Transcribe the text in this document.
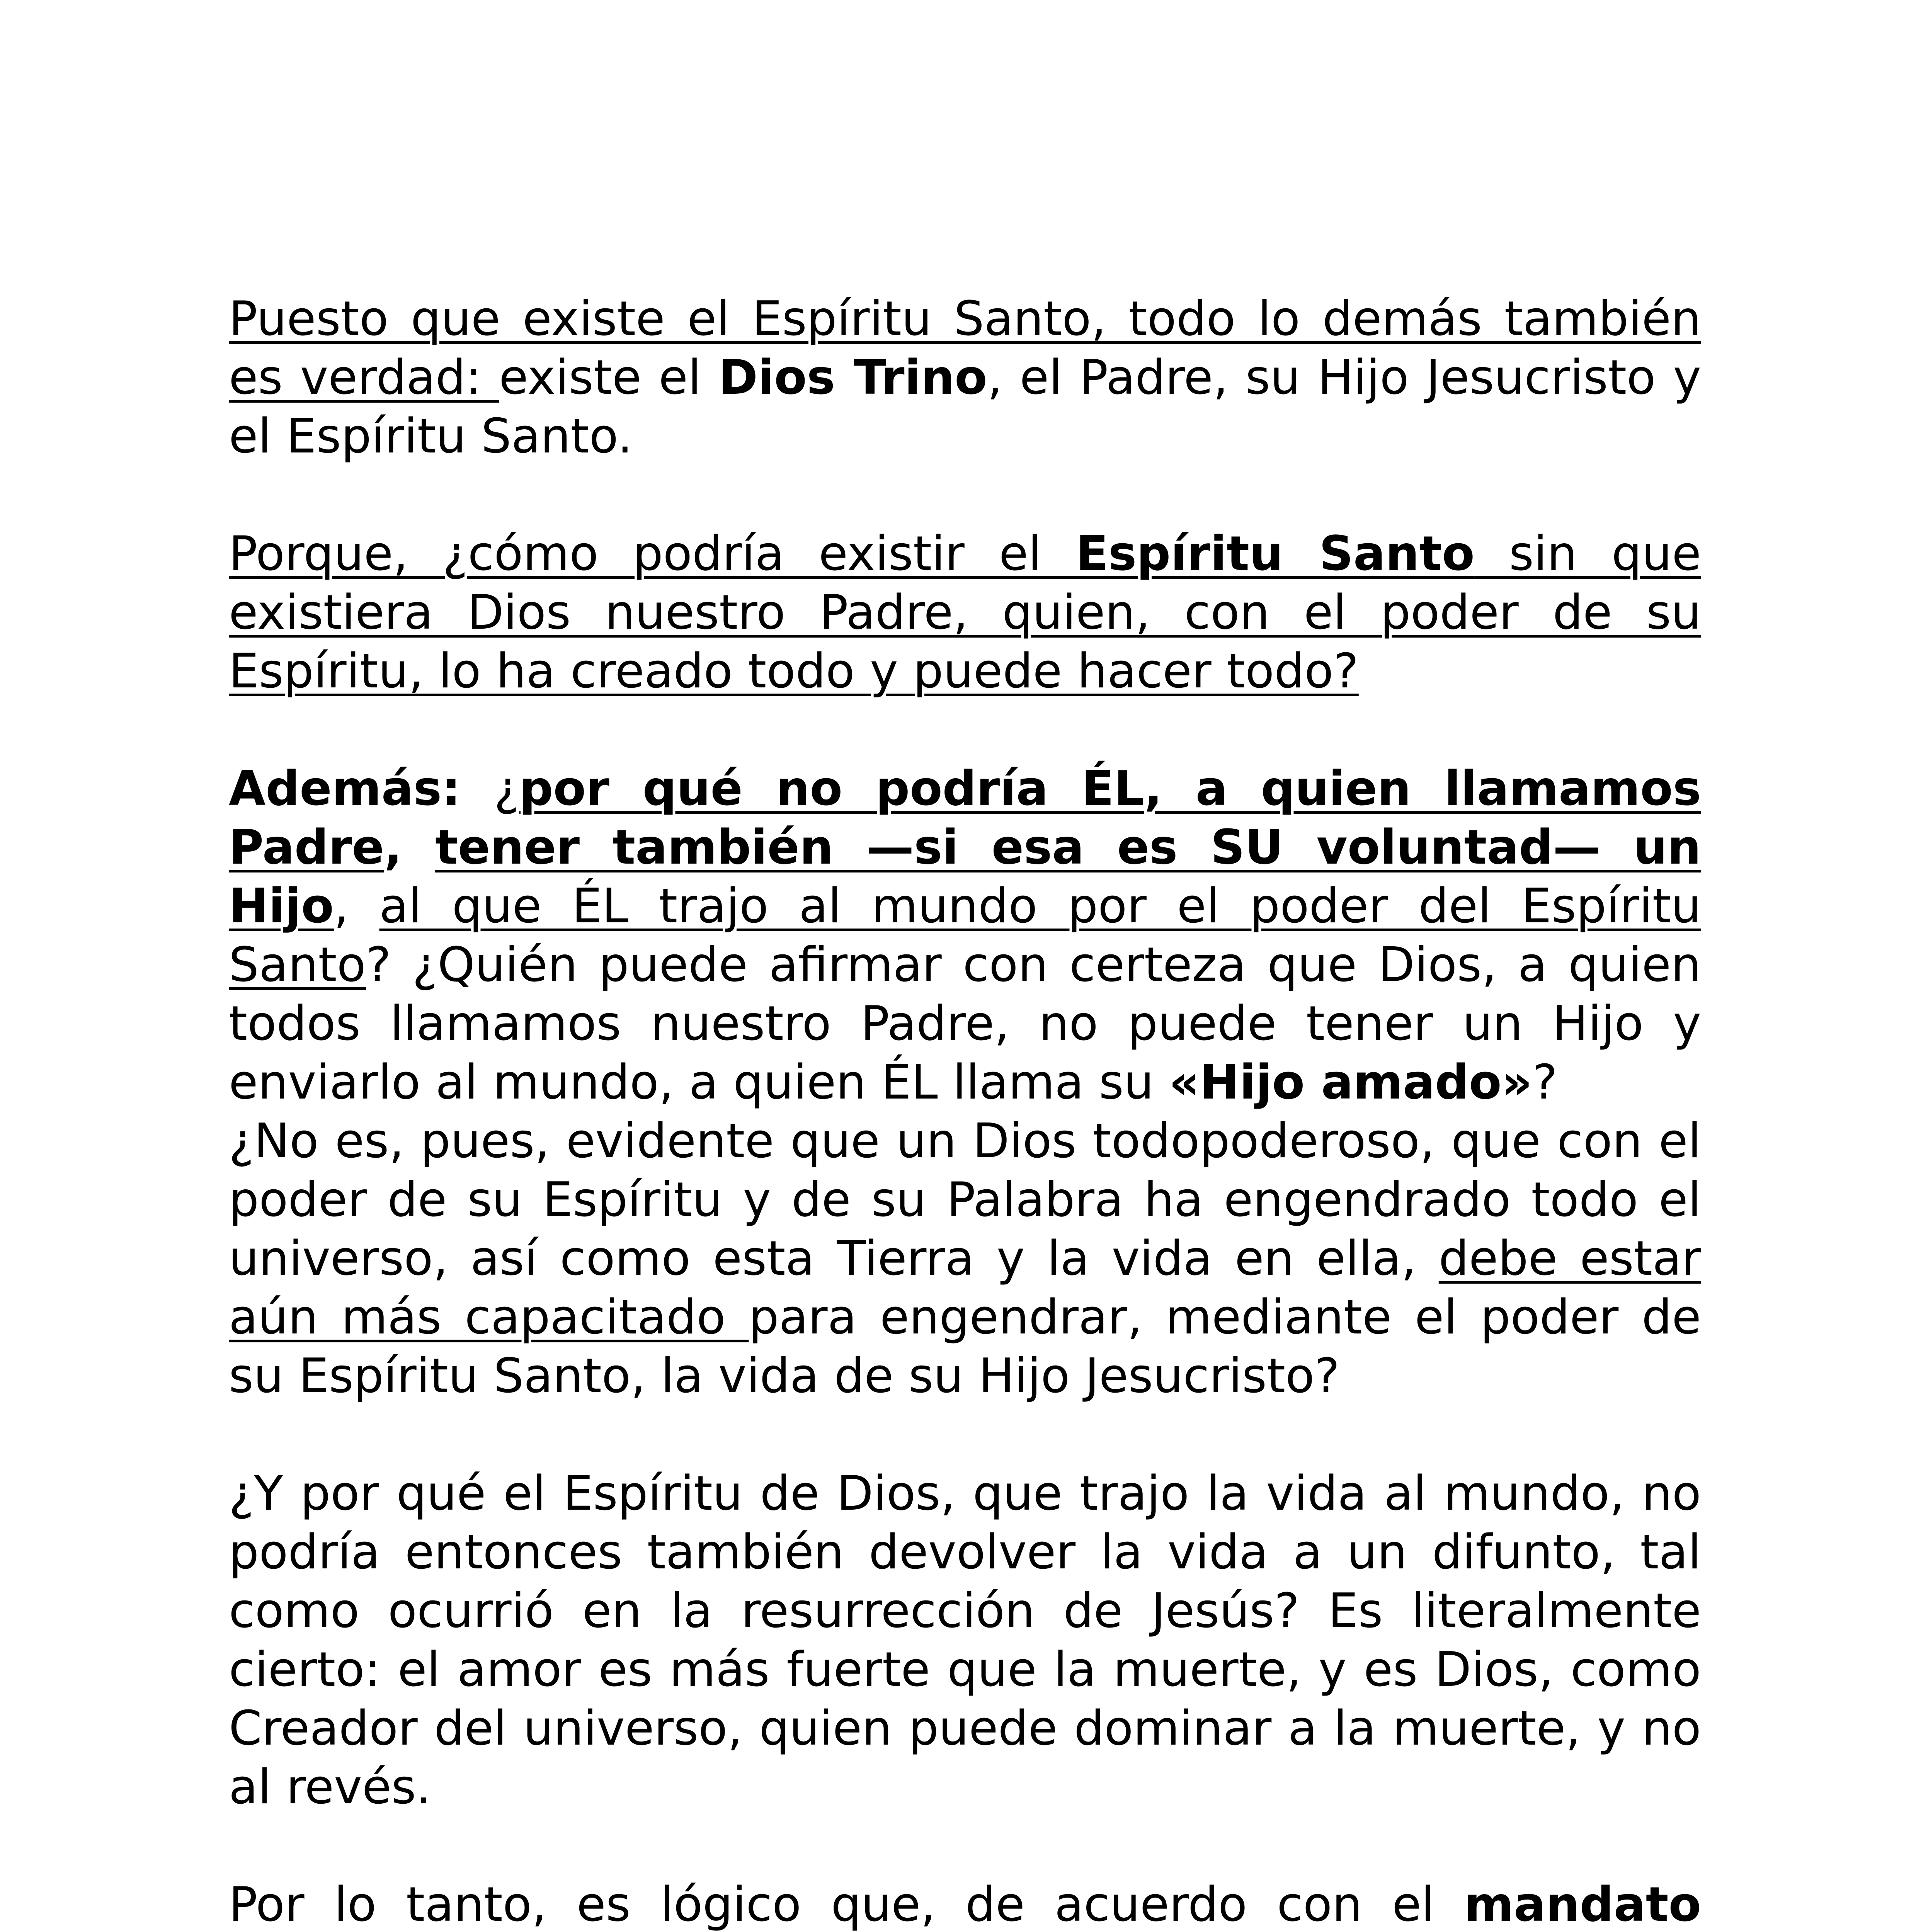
Puesto que existe el Espíritu Santo, todo lo demás también es verdad: existe el Dios Trino, el Padre, su Hijo Jesucristo y el Espíritu Santo.

Porque, ¿cómo podría existir el Espíritu Santo sin que existiera Dios nuestro Padre, quien, con el poder de su Espíritu, lo ha creado todo y puede hacer todo?

Además: ¿por qué no podría ÉL, a quien llamamos Padre, tener también —si esa es SU voluntad— un Hijo, al que ÉL trajo al mundo por el poder del Espíritu Santo? ¿Quién puede afirmar con certeza que Dios, a quien todos llamamos nuestro Padre, no puede tener un Hijo y enviarlo al mundo, a quien ÉL llama su «Hijo amado»?

¿No es, pues, evidente que un Dios todopoderoso, que con el poder de su Espíritu y de su Palabra ha engendrado todo el universo, así como esta Tierra y la vida en ella, debe estar aún más capacitado para engendrar, mediante el poder de su Espíritu Santo, la vida de su Hijo Jesucristo?

¿Y por qué el Espíritu de Dios, que trajo la vida al mundo, no podría entonces también devolver la vida a un difunto, tal como ocurrió en la resurrección de Jesús? Es literalmente cierto: el amor es más fuerte que la muerte, y es Dios, como Creador del universo, quien puede dominar a la muerte, y no al revés.

Por lo tanto, es lógico que, de acuerdo con el mandato
